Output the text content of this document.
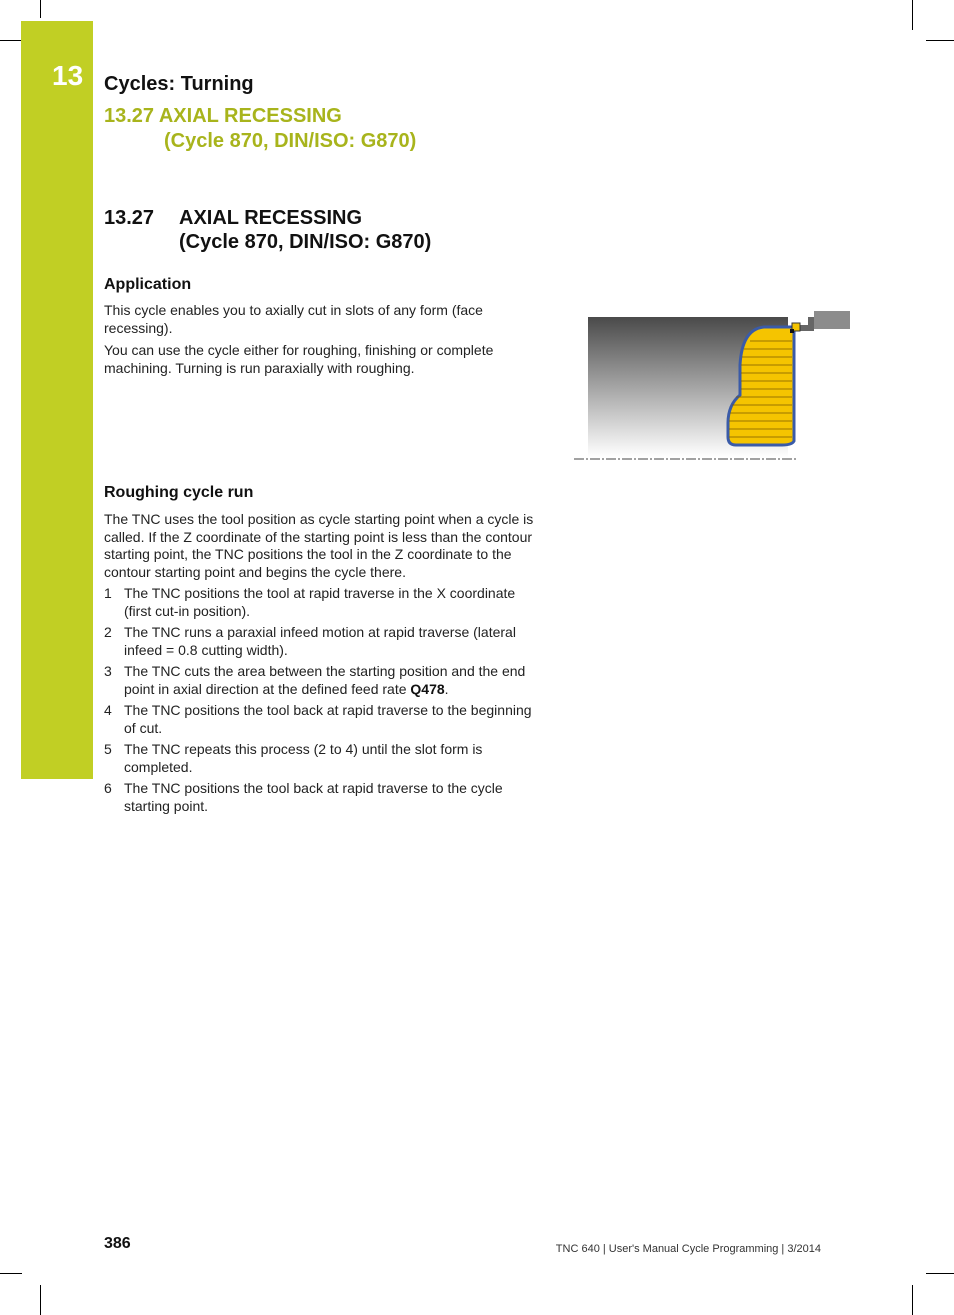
13 Cycles: Turning
13.27 AXIAL RECESSING
(Cycle 870, DIN/ISO: G870)
13.27 AXIAL RECESSING
(Cycle 870, DIN/ISO: G870)
Application
This cycle enables you to axially cut in slots of any form (face recessing).
You can use the cycle either for roughing, finishing or complete machining. Turning is run paraxially with roughing.
Roughing cycle run
The TNC uses the tool position as cycle starting point when a cycle is called. If the Z coordinate of the starting point is less than the contour starting point, the TNC positions the tool in the Z coordinate to the contour starting point and begins the cycle there.
1 The TNC positions the tool at rapid traverse in the X coordinate (first cut-in position).
2 The TNC runs a paraxial infeed motion at rapid traverse (lateral infeed = 0.8 cutting width).
3 The TNC cuts the area between the starting position and the end point in axial direction at the defined feed rate Q478.
4 The TNC positions the tool back at rapid traverse to the beginning of cut.
5 The TNC repeats this process (2 to 4) until the slot form is completed.
6 The TNC positions the tool back at rapid traverse to the cycle starting point.
386	TNC 640 | User's Manual Cycle Programming | 3/2014
